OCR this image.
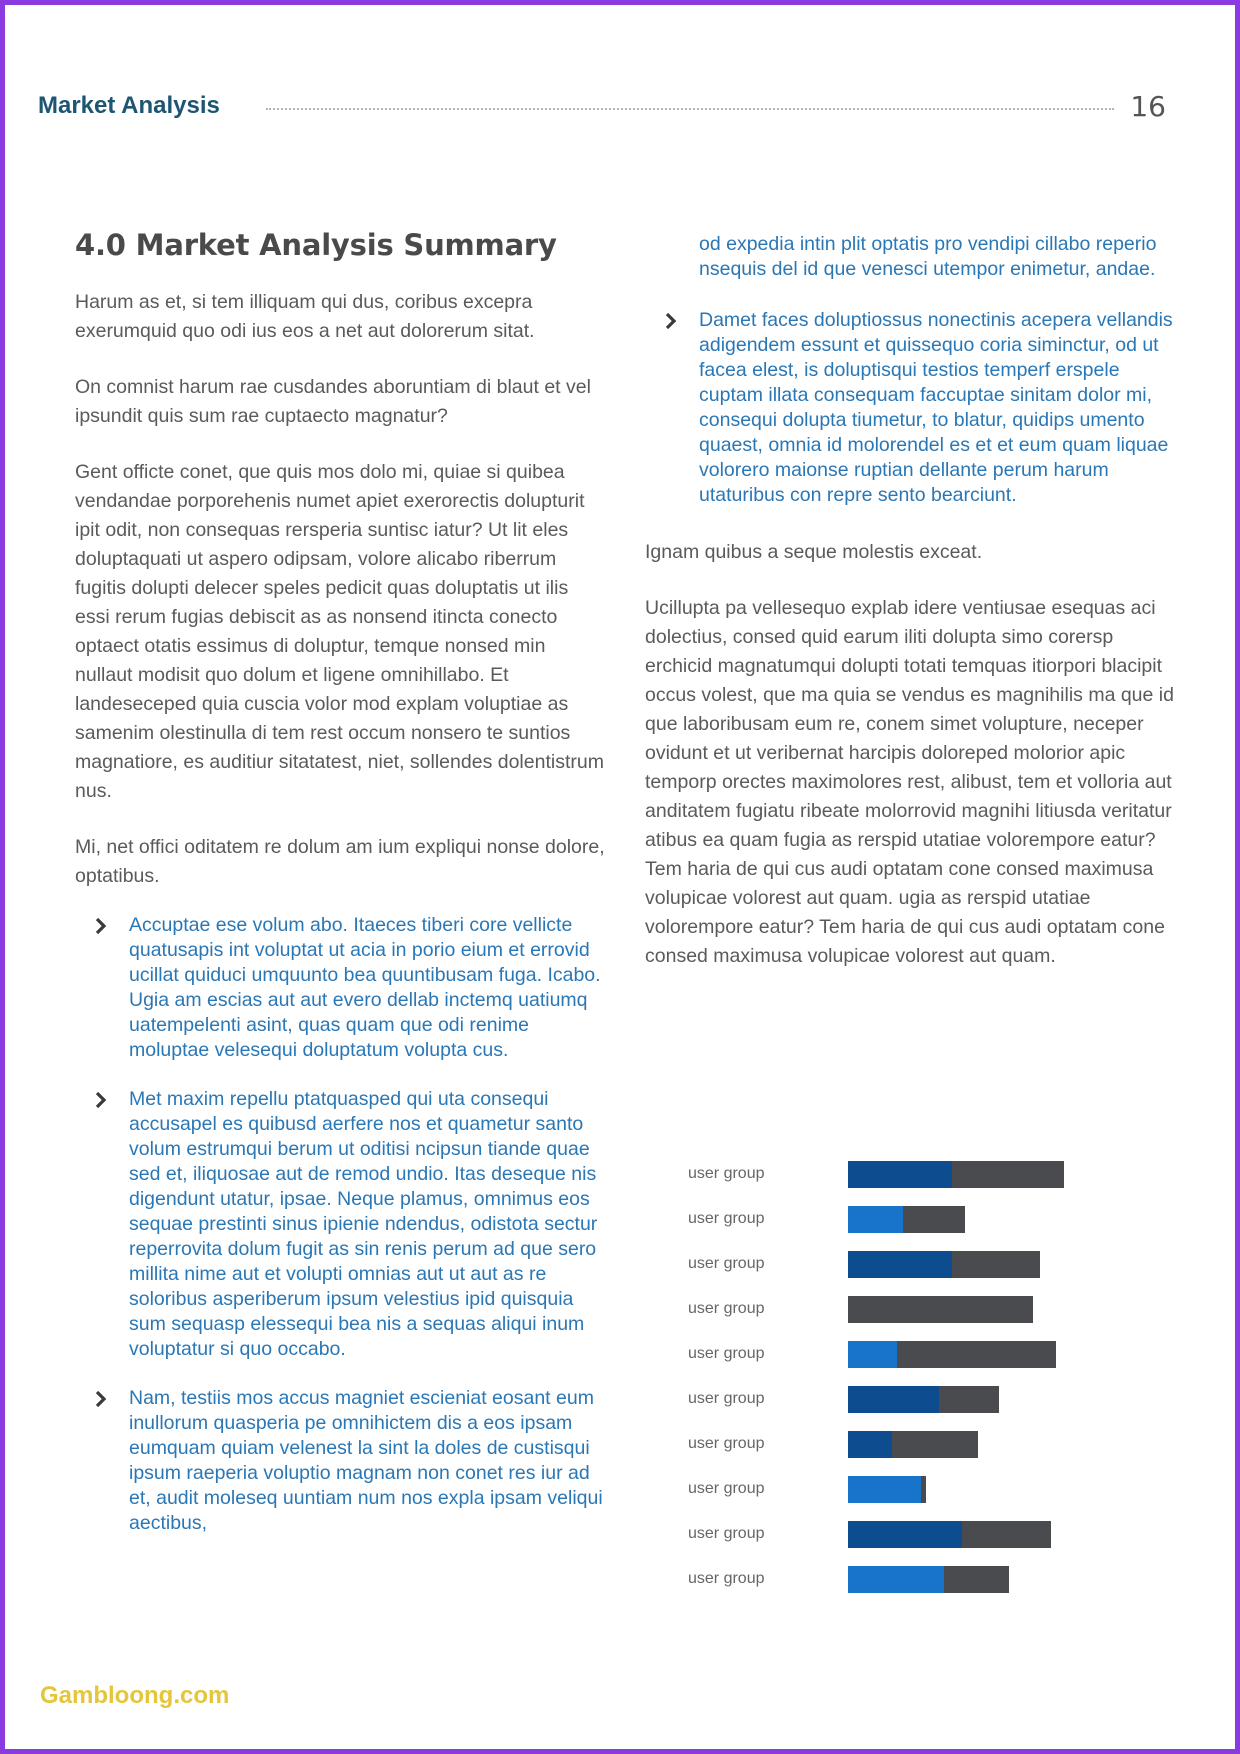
Market Analysis	16
4.0 Market Analysis Summary

Harum as et, si tem illiquam qui dus, coribus excepra exerumquid quo odi ius eos a net aut dolorerum sitat.

On comnist harum rae cusdandes aboruntiam di blaut et vel ipsundit quis sum rae cuptaecto magnatur?

Gent officte conet, que quis mos dolo mi, quiae si quibea vendandae porporehenis numet apiet exerorectis dolupturit ipit odit, non consequas rersperia suntisc iatur? Ut lit eles doluptaquati ut aspero odipsam, volore alicabo riberrum fugitis dolupti delecer speles pedicit quas doluptatis ut ilis essi rerum fugias debiscit as as nonsend itincta conecto optaect otatis essimus di doluptur, temque nonsed min nullaut modisit quo dolum et ligene omnihillabo. Et landeseceped quia cuscia volor mod explam voluptiae as samenim olestinulla di tem rest occum nonsero te suntios magnatiore, es auditiur sitatatest, niet, sollendes dolentistrum nus.

Mi, net offici oditatem re dolum am ium expliqui nonse dolore, optatibus.

Accuptae ese volum abo. Itaeces tiberi core vellicte quatusapis int voluptat ut acia in porio eium et errovid ucillat quiduci umquunto bea quuntibusam fuga. Icabo. Ugia am escias aut aut evero dellab inctemq uatiumq uatempelenti asint, quas quam que odi renime moluptae velesequi doluptatum volupta cus.
Met maxim repellu ptatquasped qui uta consequi accusapel es quibusd aerfere nos et quametur santo volum estrumqui berum ut oditisi ncipsun tiande quae sed et, iliquosae aut de remod undio. Itas deseque nis digendunt utatur, ipsae. Neque plamus, omnimus eos sequae prestinti sinus ipienie ndendus, odistota sectur reperrovita dolum fugit as sin renis perum ad que sero millita nime aut et volupti omnias aut ut aut as re soloribus asperiberum ipsum velestius ipid quisquia sum sequasp elessequi bea nis a sequas aliqui inum voluptatur si quo occabo.
Nam, testiis mos accus magniet escieniat eosant eum inullorum quasperia pe omnihictem dis a eos ipsam eumquam quiam velenest la sint la doles de custisqui ipsum raeperia voluptio magnam non conet res iur ad et, audit moleseq uuntiam num nos expla ipsam veliqui aectibus,
od expedia intin plit optatis pro vendipi cillabo reperio nsequis del id que venesci utempor enimetur, andae.
Damet faces doluptiossus nonectinis acepera vellandis adigendem essunt et quissequo coria siminctur, od ut facea elest, is doluptisqui testios temperf erspele cuptam illata consequam faccuptae sinitam dolor mi, consequi dolupta tiumetur, to blatur, quidips umento quaest, omnia id molorendel es et et eum quam liquae volorero maionse ruptian dellante perum harum utaturibus con repre sento bearciunt.

Ignam quibus a seque molestis exceat.

Ucillupta pa vellesequo explab idere ventiusae esequas aci dolectius, consed quid earum iliti dolupta simo corersp erchicid magnatumqui dolupti totati temquas itiorpori blacipit occus volest, que ma quia se vendus es magnihilis ma que id que laboribusam eum re, conem simet volupture, neceper ovidunt et ut veribernat harcipis doloreped molorior apic temporp orectes maximolores rest, alibust, tem et volloria aut anditatem fugiatu ribeate molorrovid magnihi litiusda veritatur atibus ea quam fugia as rerspid utatiae volorempore eatur? Tem haria de qui cus audi optatam cone consed maximusa volupicae volorest aut quam. ugia as rerspid utatiae volorempore eatur? Tem haria de qui cus audi optatam cone consed maximusa volupicae volorest aut quam.

user group
user group
user group
user group
user group
user group
user group
user group
user group
user group
Gambloong.com
